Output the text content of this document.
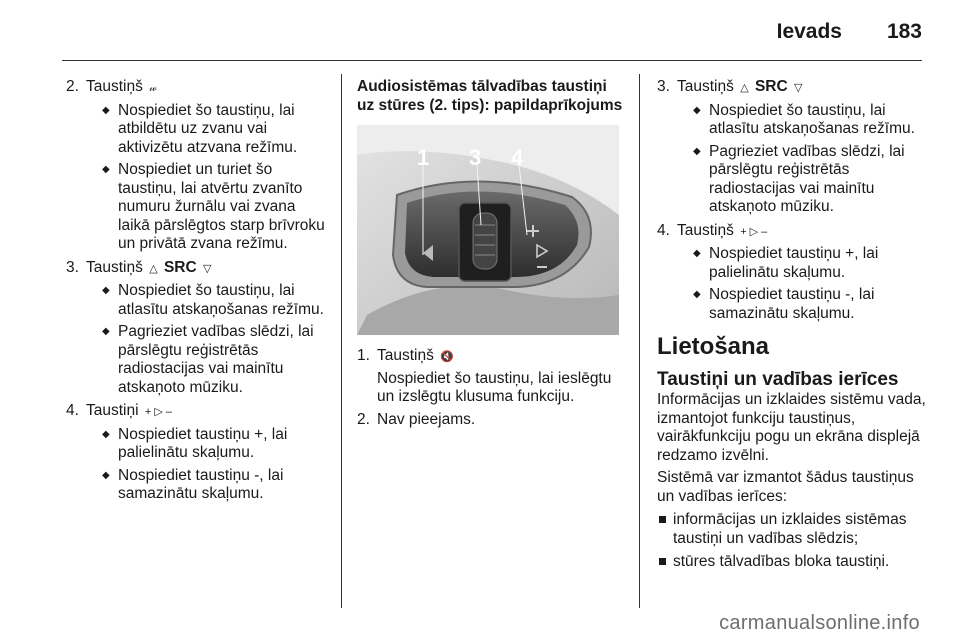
Ievads 183
2. Taustiņš 𝓌
◆ Nospiediet šo taustiņu, lai atbildētu uz zvanu vai aktivizētu atzvana režīmu.
◆ Nospiediet un turiet šo taustiņu, lai atvērtu zvanīto numuru žurnālu vai zvana laikā pārslēgtos starp brīvroku un privātā zvana režīmu.
3. Taustiņš △ SRC ▽
◆ Nospiediet šo taustiņu, lai atlasītu atskaņošanas režīmu.
◆ Pagrieziet vadības slēdzi, lai pārslēgtu reģistrētās radiostacijas vai mainītu atskaņoto mūziku.
4. Taustiņi + ▷ –
◆ Nospiediet taustiņu +, lai palielinātu skaļumu.
◆ Nospiediet taustiņu -, lai samazinātu skaļumu.
Audiosistēmas tālvadības taustiņi uz stūres (2. tips): papildaprīkojums
1 3 4
1. Taustiņš 🔇
Nospiediet šo taustiņu, lai ieslēgtu un izslēgtu klusuma funkciju.
2. Nav pieejams.
3. Taustiņš △ SRC ▽
◆ Nospiediet šo taustiņu, lai atlasītu atskaņošanas režīmu.
◆ Pagrieziet vadības slēdzi, lai pārslēgtu reģistrētās radiostacijas vai mainītu atskaņoto mūziku.
4. Taustiņš + ▷ –
◆ Nospiediet taustiņu +, lai palielinātu skaļumu.
◆ Nospiediet taustiņu -, lai samazinātu skaļumu.
Lietošana
Taustiņi un vadības ierīces
Informācijas un izklaides sistēmu vada, izmantojot funkciju taustiņus, vairākfunkciju pogu un ekrāna displejā redzamo izvēlni.
Sistēmā var izmantot šādus taustiņus un vadības ierīces:
informācijas un izklaides sistēmas taustiņi un vadības slēdzis;
stūres tālvadības bloka taustiņi.
carmanualsonline.info
